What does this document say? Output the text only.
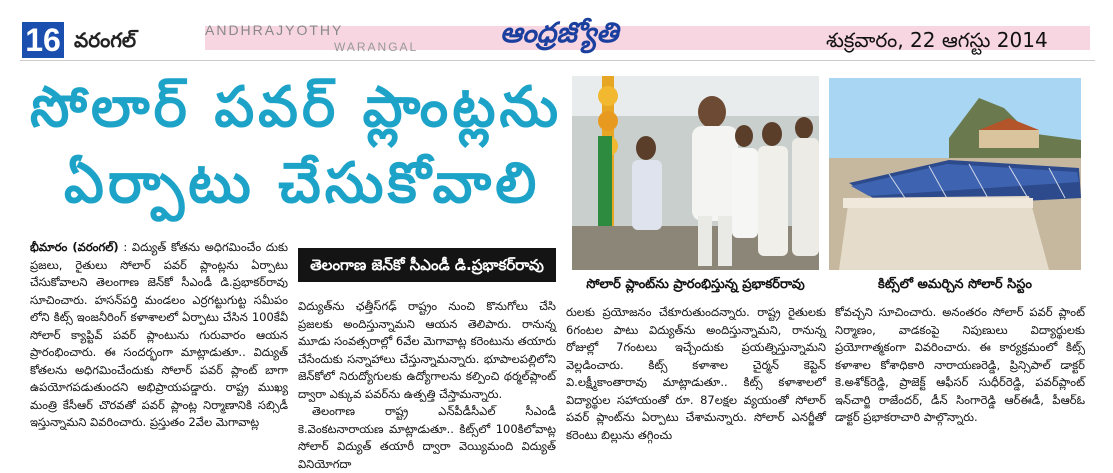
16 వరంగల్	ANDHRAJYOTHY
WARANGAL	ఆంధ్రజ్యోతి	శుక్రవారం, 22 ఆగస్టు 2014
సోలార్ పవర్ ప్లాంట్లను
ఏర్పాటు చేసుకోవాలి
సోలార్ ప్లాంట్‌ను ప్రారంభిస్తున్న ప్రభాకర్‌రావు	కిట్స్‌లో అమర్చిన సోలార్ సిస్టం

భీమారం (వరంగల్) : విద్యుత్ కోతను అధిగమించేం దుకు ప్రజలు, రైతులు సోలార్ పవర్ ప్లాంట్లను ఏర్పాటు చేసుకోవాలని తెలంగాణ జెన్‌కో సీఎండీ డి.ప్రభాకర్‌రావు సూచించారు. హసన్‌పర్తి మండలం ఎర్రగట్టుగుట్ట సమీపం లోని కిట్స్ ఇంజనీరింగ్ కళాశాలలో ఏర్పాటు చేసిన 100కేవీ సోలార్ క్యాప్టివ్ పవర్ ప్లాంటును గురువారం ఆయన ప్రారంభించారు. ఈ సందర్భంగా మాట్లాడుతూ.. విద్యుత్ కోతలను అధిగమించేందుకు సోలార్ పవర్ ప్లాంట్ బాగా ఉపయోగపడుతుందని అభిప్రాయపడ్డారు. రాష్ట్ర ముఖ్య మంత్రి కేసీఆర్ చొరవతో పవర్ ప్లాంట్ల నిర్మాణానికి సబ్సిడీ ఇస్తున్నామని వివరించారు. ప్రస్తుతం 2వేల మెగావాట్ల

తెలంగాణ జెన్‌కో సీఎండీ డి.ప్రభాకర్‌రావు

విద్యుత్‌ను ఛత్తీస్‌గఢ్ రాష్ట్రం నుంచి కొనుగోలు చేసి ప్రజలకు అందిస్తున్నామని ఆయన తెలిపారు. రానున్న మూడు సంవత్సరాల్లో 6వేల మెగావాట్ల కరెంటును తయారు చేసేందుకు సన్నాహాలు చేస్తున్నామన్నారు. భూపాలపల్లిలోని జెన్‌కోలో నిరుద్యోగులకు ఉద్యోగాలను కల్పించి థర్మల్‌ప్లాంట్ ద్వారా ఎక్కువ పవర్‌ను ఉత్పత్తి చేస్తామన్నారు.

తెలంగాణ రాష్ట్ర ఎన్‌పీడీసీఎల్ సీఎండీ కె.వెంకటనారాయణ మాట్లాడుతూ.. కిట్స్‌లో 100కిలోవాట్ల సోలార్ విద్యుత్ తయారీ ద్వారా వెయ్యిమంది విద్యుత్ వినియోగదా

రులకు ప్రయోజనం చేకూరుతుందన్నారు. రాష్ట్ర రైతులకు 6గంటల పాటు విద్యుత్‌ను అందిస్తున్నామని, రానున్న రోజుల్లో 7గంటలు ఇచ్చేందుకు ప్రయత్నిస్తున్నామని వెల్లడించారు. కిట్స్ కళాశాల చైర్మన్ కెప్టెన్ వి.లక్ష్మీకాంతారావు మాట్లాడుతూ.. కిట్స్ కళాశాలలో విద్యార్థుల సహాయంతో రూ. 87లక్షల వ్యయంతో సోలార్ పవర్ ప్లాంట్‌ను ఏర్పాటు చేశామన్నారు. సోలార్ ఎనర్జీతో కరెంటు బిల్లును తగ్గించు

కోవచ్చని సూచించారు. అనంతరం సోలార్ పవర్ ప్లాంట్ నిర్మాణం, వాడకంపై నిపుణులు విద్యార్థులకు ప్రయోగాత్మకంగా వివరించారు. ఈ కార్యక్రమంలో కిట్స్ కళాశాల కోశాధికారి నారాయణరెడ్డి, ప్రిన్సిపాల్ డాక్టర్ కె.అశోక్‌రెడ్డి, ప్రాజెక్ట్ ఆఫీసర్ సుధీర్‌రెడ్డి, పవర్‌ప్లాంట్ ఇన్‌చార్జి రాజేందర్, డీన్ సింగారెడ్డి ఆర్‌ఈడీ, పీఆర్‌ఓ డాక్టర్ ప్రభాకరాచారి పాల్గొన్నారు.
